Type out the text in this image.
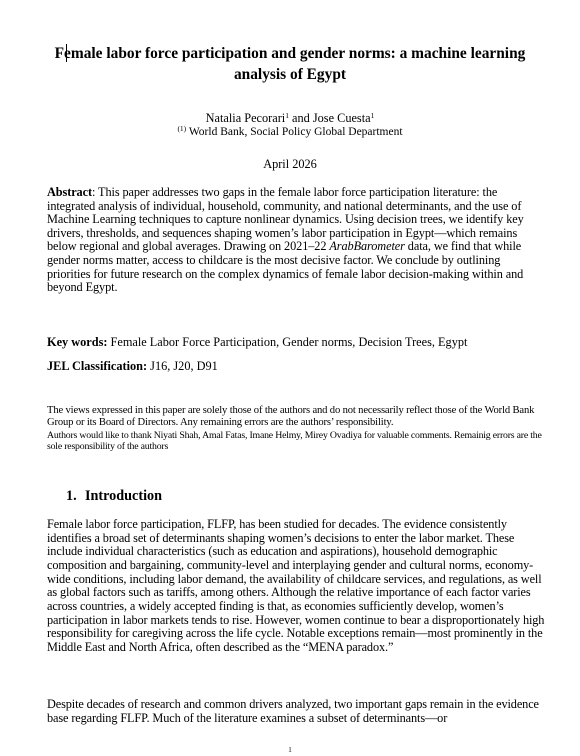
Female labor force participation and gender norms: a machine learning analysis of Egypt
Natalia Pecorari$^1$ and Jose Cuesta$^1$
$^{(1)}$ World Bank, Social Policy Global Department
April 2026
Abstract: This paper addresses two gaps in the female labor force participation literature: the integrated analysis of individual, household, community, and national determinants, and the use of Machine Learning techniques to capture nonlinear dynamics. Using decision trees, we identify key drivers, thresholds, and sequences shaping women’s labor participation in Egypt—which remains below regional and global averages. Drawing on 2021–22 ArabBarometer data, we find that while gender norms matter, access to childcare is the most decisive factor. We conclude by outlining priorities for future research on the complex dynamics of female labor decision-making within and beyond Egypt.
Key words: Female Labor Force Participation, Gender norms, Decision Trees, Egypt
JEL Classification: J16, J20, D91
The views expressed in this paper are solely those of the authors and do not necessarily reflect those of the World Bank Group or its Board of Directors. Any remaining errors are the authors’ responsibility.
Authors would like to thank Niyati Shah, Amal Fatas, Imane Helmy, Mirey Ovadiya for valuable comments. Remainig errors are the sole responsibility of the authors
1. Introduction
Female labor force participation, FLFP, has been studied for decades. The evidence consistently identifies a broad set of determinants shaping women’s decisions to enter the labor market. These include individual characteristics (such as education and aspirations), household demographic composition and bargaining, community-level and interplaying gender and cultural norms, economy-wide conditions, including labor demand, the availability of childcare services, and regulations, as well as global factors such as tariffs, among others. Although the relative importance of each factor varies across countries, a widely accepted finding is that, as economies sufficiently develop, women’s participation in labor markets tends to rise. However, women continue to bear a disproportionately high responsibility for caregiving across the life cycle. Notable exceptions remain—most prominently in the Middle East and North Africa, often described as the “MENA paradox.”
Despite decades of research and common drivers analyzed, two important gaps remain in the evidence base regarding FLFP. Much of the literature examines a subset of determinants—or
1
